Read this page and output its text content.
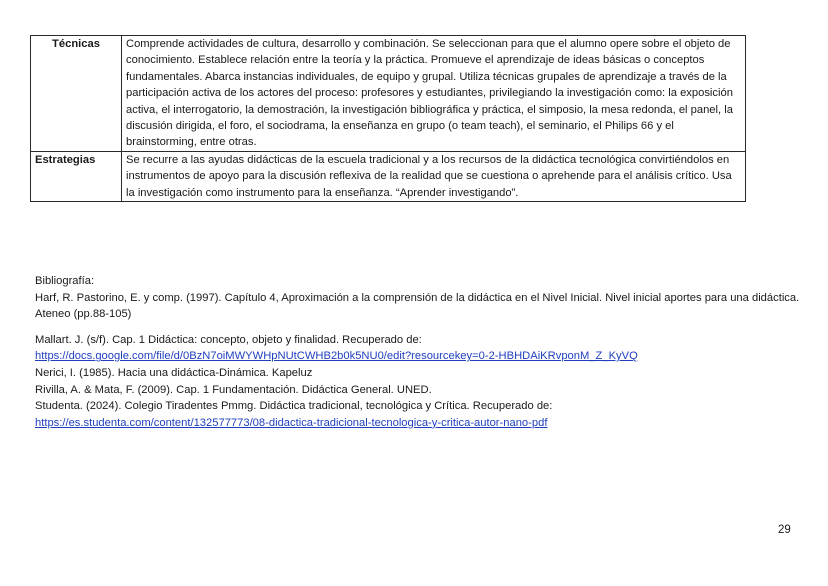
Técnicas	Comprende actividades de cultura, desarrollo y combinación. Se seleccionan para que el alumno opere sobre el objeto de conocimiento. Establece relación entre la teoría y la práctica. Promueve el aprendizaje de ideas básicas o conceptos fundamentales. Abarca instancias individuales, de equipo y grupal. Utiliza técnicas grupales de aprendizaje a través de la participación activa de los actores del proceso: profesores y estudiantes, privilegiando la investigación como: la exposición activa, el interrogatorio, la demostración, la investigación bibliográfica y práctica, el simposio, la mesa redonda, el panel, la discusión dirigida, el foro, el sociodrama, la enseñanza en grupo (o team teach), el seminario, el Philips 66 y el brainstorming, entre otras.
Estrategias	Se recurre a las ayudas didácticas de la escuela tradicional y a los recursos de la didáctica tecnológica convirtiéndolos en instrumentos de apoyo para la discusión reflexiva de la realidad que se cuestiona o aprehende para el análisis crítico. Usa la investigación como instrumento para la enseñanza. “Aprender investigando”.

Bibliografía:

Harf, R. Pastorino, E. y comp. (1997). Capítulo 4, Aproximación a la comprensión de la didáctica en el Nivel Inicial. Nivel inicial aportes para una didáctica. Ateneo (pp.88-105)

Mallart. J. (s/f). Cap. 1 Didáctica: concepto, objeto y finalidad. Recuperado de:

https://docs.google.com/file/d/0BzN7oiMWYWHpNUtCWHB2b0k5NU0/edit?resourcekey=0-2-HBHDAiKRvponM_Z_KyVQ

Nerici, I. (1985). Hacia una didáctica-Dinámica. Kapeluz

Rivilla, A. & Mata, F. (2009). Cap. 1 Fundamentación. Didáctica General. UNED.

Studenta. (2024). Colegio Tiradentes Pmmg. Didáctica tradicional, tecnológica y Crítica. Recuperado de:

https://es.studenta.com/content/132577773/08-didactica-tradicional-tecnologica-y-critica-autor-nano-pdf

29
